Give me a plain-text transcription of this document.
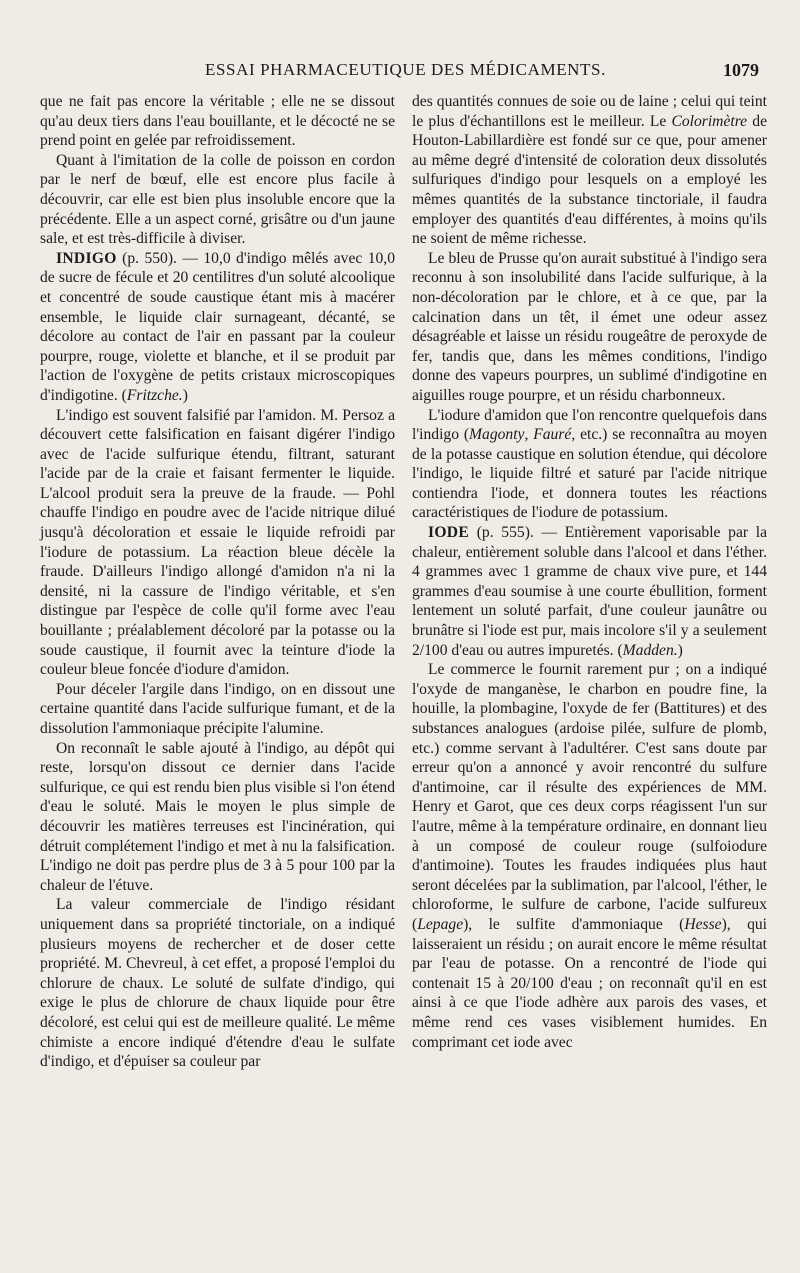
ESSAI PHARMACEUTIQUE DES MÉDICAMENTS.	1079

que ne fait pas encore la véritable ; elle ne se dissout qu'au deux tiers dans l'eau bouillante, et le décocté ne se prend point en gelée par refroidissement.

Quant à l'imitation de la colle de poisson en cordon par le nerf de bœuf, elle est encore plus facile à découvrir, car elle est bien plus insoluble encore que la précédente. Elle a un aspect corné, grisâtre ou d'un jaune sale, et est très-difficile à diviser.

INDIGO (p. 550). — 10,0 d'indigo mêlés avec 10,0 de sucre de fécule et 20 centilitres d'un soluté alcoolique et concentré de soude caustique étant mis à macérer ensemble, le liquide clair surnageant, décanté, se décolore au contact de l'air en passant par la couleur pourpre, rouge, violette et blanche, et il se produit par l'action de l'oxygène de petits cristaux microscopiques d'indigotine. (Fritzche.)

L'indigo est souvent falsifié par l'amidon. M. Persoz a découvert cette falsification en faisant digérer l'indigo avec de l'acide sulfurique étendu, filtrant, saturant l'acide par de la craie et faisant fermenter le liquide. L'alcool produit sera la preuve de la fraude. — Pohl chauffe l'indigo en poudre avec de l'acide nitrique dilué jusqu'à décoloration et essaie le liquide refroidi par l'iodure de potassium. La réaction bleue décèle la fraude. D'ailleurs l'indigo allongé d'amidon n'a ni la densité, ni la cassure de l'indigo véritable, et s'en distingue par l'espèce de colle qu'il forme avec l'eau bouillante ; préalablement décoloré par la potasse ou la soude caustique, il fournit avec la teinture d'iode la couleur bleue foncée d'iodure d'amidon.

Pour déceler l'argile dans l'indigo, on en dissout une certaine quantité dans l'acide sulfurique fumant, et de la dissolution l'ammoniaque précipite l'alumine.

On reconnaît le sable ajouté à l'indigo, au dépôt qui reste, lorsqu'on dissout ce dernier dans l'acide sulfurique, ce qui est rendu bien plus visible si l'on étend d'eau le soluté. Mais le moyen le plus simple de découvrir les matières terreuses est l'incinération, qui détruit complétement l'indigo et met à nu la falsification. L'indigo ne doit pas perdre plus de 3 à 5 pour 100 par la chaleur de l'étuve.

La valeur commerciale de l'indigo résidant uniquement dans sa propriété tinctoriale, on a indiqué plusieurs moyens de rechercher et de doser cette propriété. M. Chevreul, à cet effet, a proposé l'emploi du chlorure de chaux. Le soluté de sulfate d'indigo, qui exige le plus de chlorure de chaux liquide pour être décoloré, est celui qui est de meilleure qualité. Le même chimiste a encore indiqué d'étendre d'eau le sulfate d'indigo, et d'épuiser sa couleur par

des quantités connues de soie ou de laine ; celui qui teint le plus d'échantillons est le meilleur. Le Colorimètre de Houton-Labillardière est fondé sur ce que, pour amener au même degré d'intensité de coloration deux dissolutés sulfuriques d'indigo pour lesquels on a employé les mêmes quantités de la substance tinctoriale, il faudra employer des quantités d'eau différentes, à moins qu'ils ne soient de même richesse.

Le bleu de Prusse qu'on aurait substitué à l'indigo sera reconnu à son insolubilité dans l'acide sulfurique, à la non-décoloration par le chlore, et à ce que, par la calcination dans un têt, il émet une odeur assez désagréable et laisse un résidu rougeâtre de peroxyde de fer, tandis que, dans les mêmes conditions, l'indigo donne des vapeurs pourpres, un sublimé d'indigotine en aiguilles rouge pourpre, et un résidu charbonneux.

L'iodure d'amidon que l'on rencontre quelquefois dans l'indigo (Magonty, Fauré, etc.) se reconnaîtra au moyen de la potasse caustique en solution étendue, qui décolore l'indigo, le liquide filtré et saturé par l'acide nitrique contiendra l'iode, et donnera toutes les réactions caractéristiques de l'iodure de potassium.

IODE (p. 555). — Entièrement vaporisable par la chaleur, entièrement soluble dans l'alcool et dans l'éther. 4 grammes avec 1 gramme de chaux vive pure, et 144 grammes d'eau soumise à une courte ébullition, forment lentement un soluté parfait, d'une couleur jaunâtre ou brunâtre si l'iode est pur, mais incolore s'il y a seulement 2/100 d'eau ou autres impuretés. (Madden.)

Le commerce le fournit rarement pur ; on a indiqué l'oxyde de manganèse, le charbon en poudre fine, la houille, la plombagine, l'oxyde de fer (Battitures) et des substances analogues (ardoise pilée, sulfure de plomb, etc.) comme servant à l'adultérer. C'est sans doute par erreur qu'on a annoncé y avoir rencontré du sulfure d'antimoine, car il résulte des expériences de MM. Henry et Garot, que ces deux corps réagissent l'un sur l'autre, même à la température ordinaire, en donnant lieu à un composé de couleur rouge (sulfoiodure d'antimoine). Toutes les fraudes indiquées plus haut seront décelées par la sublimation, par l'alcool, l'éther, le chloroforme, le sulfure de carbone, l'acide sulfureux (Lepage), le sulfite d'ammoniaque (Hesse), qui laisseraient un résidu ; on aurait encore le même résultat par l'eau de potasse. On a rencontré de l'iode qui contenait 15 à 20/100 d'eau ; on reconnaît qu'il en est ainsi à ce que l'iode adhère aux parois des vases, et même rend ces vases visiblement humides. En comprimant cet iode avec
